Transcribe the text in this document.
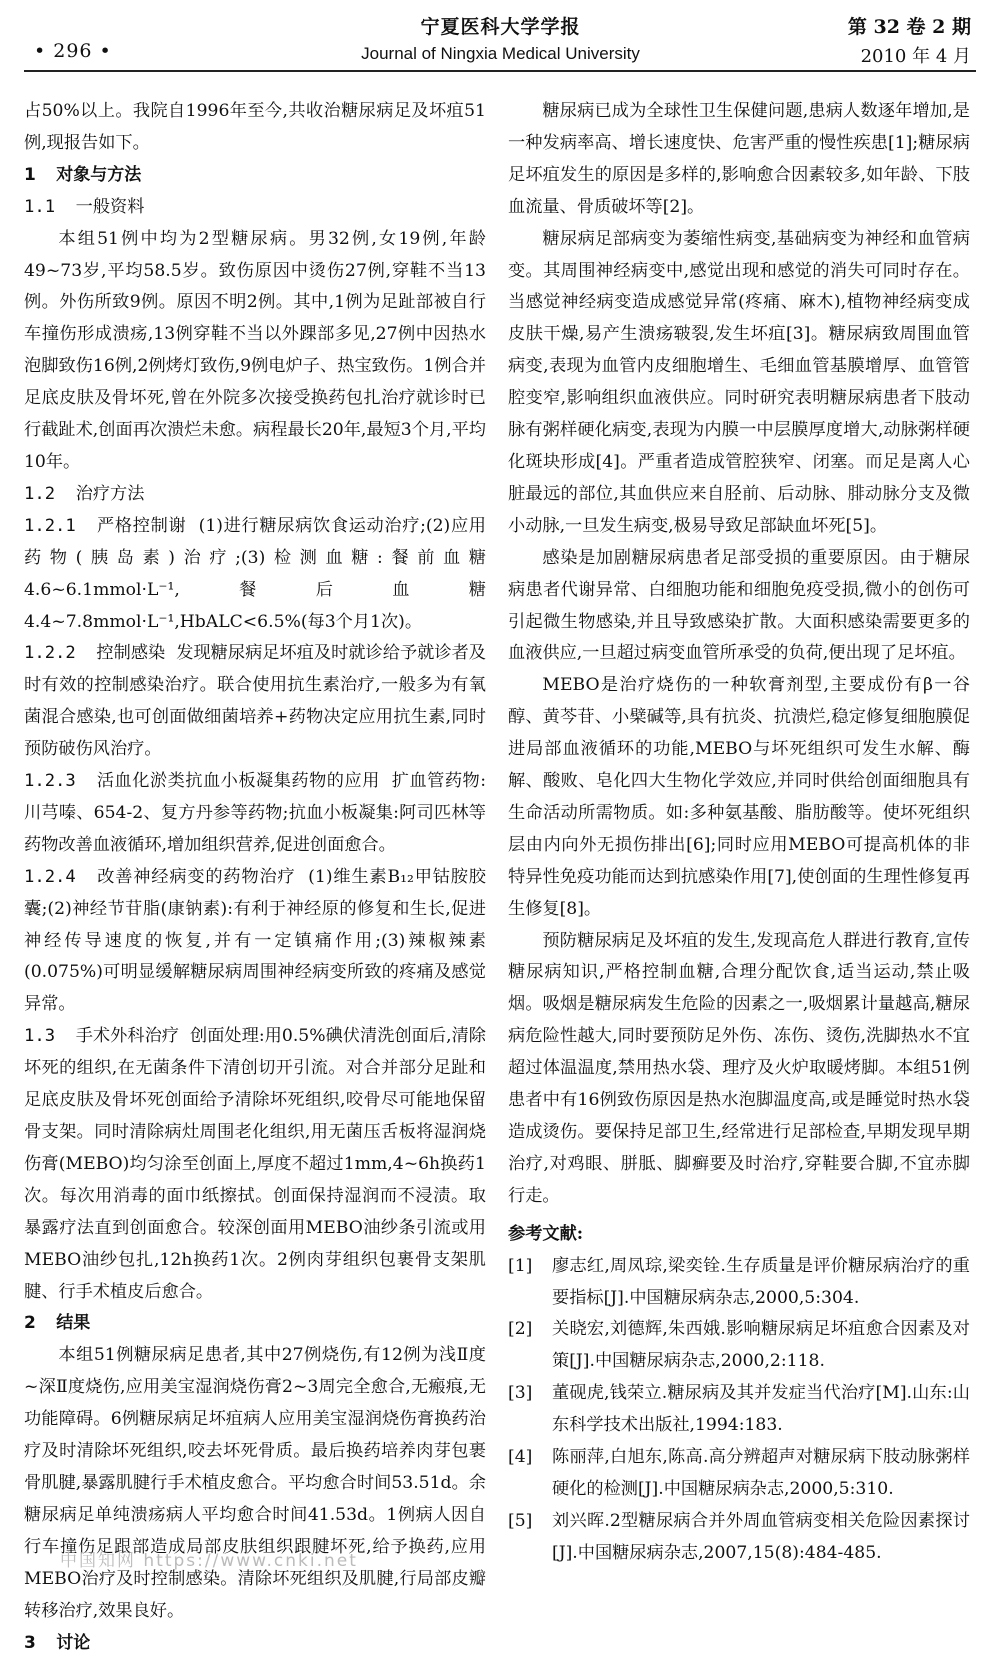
• 296 •
宁夏医科大学学报
Journal of Ningxia Medical University
第 32 卷 2 期
2010 年 4 月

占50%以上。我院自1996年至今,共收治糖尿病足及坏疽51例,现报告如下。

1 对象与方法

1.1 一般资料

本组51例中均为2型糖尿病。男32例,女19例,年龄49~73岁,平均58.5岁。致伤原因中烫伤27例,穿鞋不当13例。外伤所致9例。原因不明2例。其中,1例为足趾部被自行车撞伤形成溃疡,13例穿鞋不当以外踝部多见,27例中因热水泡脚致伤16例,2例烤灯致伤,9例电炉子、热宝致伤。1例合并足底皮肤及骨坏死,曾在外院多次接受换药包扎治疗就诊时已行截趾术,创面再次溃烂未愈。病程最长20年,最短3个月,平均10年。

1.2 治疗方法

1.2.1 严格控制谢 (1)进行糖尿病饮食运动治疗;(2)应用药物(胰岛素)治疗;(3)检测血糖:餐前血糖4.6~6.1mmol·L⁻¹,餐后血糖4.4~7.8mmol·L⁻¹,HbALC<6.5%(每3个月1次)。

1.2.2 控制感染 发现糖尿病足坏疽及时就诊给予就诊者及时有效的控制感染治疗。联合使用抗生素治疗,一般多为有氧菌混合感染,也可创面做细菌培养+药物决定应用抗生素,同时预防破伤风治疗。

1.2.3 活血化淤类抗血小板凝集药物的应用 扩血管药物:川芎嗪、654-2、复方丹参等药物;抗血小板凝集:阿司匹林等药物改善血液循环,增加组织营养,促进创面愈合。

1.2.4 改善神经病变的药物治疗 (1)维生素B₁₂甲钴胺胶囊;(2)神经节苷脂(康钠素):有利于神经原的修复和生长,促进神经传导速度的恢复,并有一定镇痛作用;(3)辣椒辣素(0.075%)可明显缓解糖尿病周围神经病变所致的疼痛及感觉异常。

1.3 手术外科治疗 创面处理:用0.5%碘伏清洗创面后,清除坏死的组织,在无菌条件下清创切开引流。对合并部分足趾和足底皮肤及骨坏死创面给予清除坏死组织,咬骨尽可能地保留骨支架。同时清除病灶周围老化组织,用无菌压舌板将湿润烧伤膏(MEBO)均匀涂至创面上,厚度不超过1mm,4~6h换药1次。每次用消毒的面巾纸擦拭。创面保持湿润而不浸渍。取暴露疗法直到创面愈合。较深创面用MEBO油纱条引流或用MEBO油纱包扎,12h换药1次。2例肉芽组织包裹骨支架肌腱、行手术植皮后愈合。

2 结果

本组51例糖尿病足患者,其中27例烧伤,有12例为浅Ⅱ度~深Ⅱ度烧伤,应用美宝湿润烧伤膏2~3周完全愈合,无瘢痕,无功能障碍。6例糖尿病足坏疽病人应用美宝湿润烧伤膏换药治疗及时清除坏死组织,咬去坏死骨质。最后换药培养肉芽包裹骨肌腱,暴露肌腱行手术植皮愈合。平均愈合时间53.51d。余糖尿病足单纯溃疡病人平均愈合时间41.53d。1例病人因自行车撞伤足跟部造成局部皮肤组织跟腱坏死,给予换药,应用MEBO治疗及时控制感染。清除坏死组织及肌腱,行局部皮瓣转移治疗,效果良好。

3 讨论

糖尿病已成为全球性卫生保健问题,患病人数逐年增加,是一种发病率高、增长速度快、危害严重的慢性疾患[1];糖尿病足坏疽发生的原因是多样的,影响愈合因素较多,如年龄、下肢血流量、骨质破坏等[2]。

糖尿病足部病变为萎缩性病变,基础病变为神经和血管病变。其周围神经病变中,感觉出现和感觉的消失可同时存在。当感觉神经病变造成感觉异常(疼痛、麻木),植物神经病变成皮肤干燥,易产生溃疡皲裂,发生坏疽[3]。糖尿病致周围血管病变,表现为血管内皮细胞增生、毛细血管基膜增厚、血管管腔变窄,影响组织血液供应。同时研究表明糖尿病患者下肢动脉有粥样硬化病变,表现为内膜一中层膜厚度增大,动脉粥样硬化斑块形成[4]。严重者造成管腔狭窄、闭塞。而足是离人心脏最远的部位,其血供应来自胫前、后动脉、腓动脉分支及微小动脉,一旦发生病变,极易导致足部缺血坏死[5]。

感染是加剧糖尿病患者足部受损的重要原因。由于糖尿病患者代谢异常、白细胞功能和细胞免疫受损,微小的创伤可引起微生物感染,并且导致感染扩散。大面积感染需要更多的血液供应,一旦超过病变血管所承受的负荷,便出现了足坏疽。

MEBO是治疗烧伤的一种软膏剂型,主要成份有β一谷醇、黄芩苷、小檗碱等,具有抗炎、抗溃烂,稳定修复细胞膜促进局部血液循环的功能,MEBO与坏死组织可发生水解、酶解、酸败、皂化四大生物化学效应,并同时供给创面细胞具有生命活动所需物质。如:多种氨基酸、脂肪酸等。使坏死组织层由内向外无损伤排出[6];同时应用MEBO可提高机体的非特异性免疫功能而达到抗感染作用[7],使创面的生理性修复再生修复[8]。

预防糖尿病足及坏疽的发生,发现高危人群进行教育,宣传糖尿病知识,严格控制血糖,合理分配饮食,适当运动,禁止吸烟。吸烟是糖尿病发生危险的因素之一,吸烟累计量越高,糖尿病危险性越大,同时要预防足外伤、冻伤、烫伤,洗脚热水不宜超过体温温度,禁用热水袋、理疗及火炉取暖烤脚。本组51例患者中有16例致伤原因是热水泡脚温度高,或是睡觉时热水袋造成烫伤。要保持足部卫生,经常进行足部检查,早期发现早期治疗,对鸡眼、胼胝、脚癣要及时治疗,穿鞋要合脚,不宜赤脚行走。

参考文献:

[1]	廖志红,周凤琮,梁奕铨.生存质量是评价糖尿病治疗的重要指标[J].中国糖尿病杂志,2000,5:304.
[2]	关晓宏,刘德辉,朱西娥.影响糖尿病足坏疽愈合因素及对策[J].中国糖尿病杂志,2000,2:118.
[3]	董砚虎,钱荣立.糖尿病及其并发症当代治疗[M].山东:山东科学技术出版社,1994:183.
[4]	陈丽萍,白旭东,陈高.高分辨超声对糖尿病下肢动脉粥样硬化的检测[J].中国糖尿病杂志,2000,5:310.
[5]	刘兴晖.2型糖尿病合并外周血管病变相关危险因素探讨[J].中国糖尿病杂志,2007,15(8):484-485.
中国知网 https://www.cnki.net
